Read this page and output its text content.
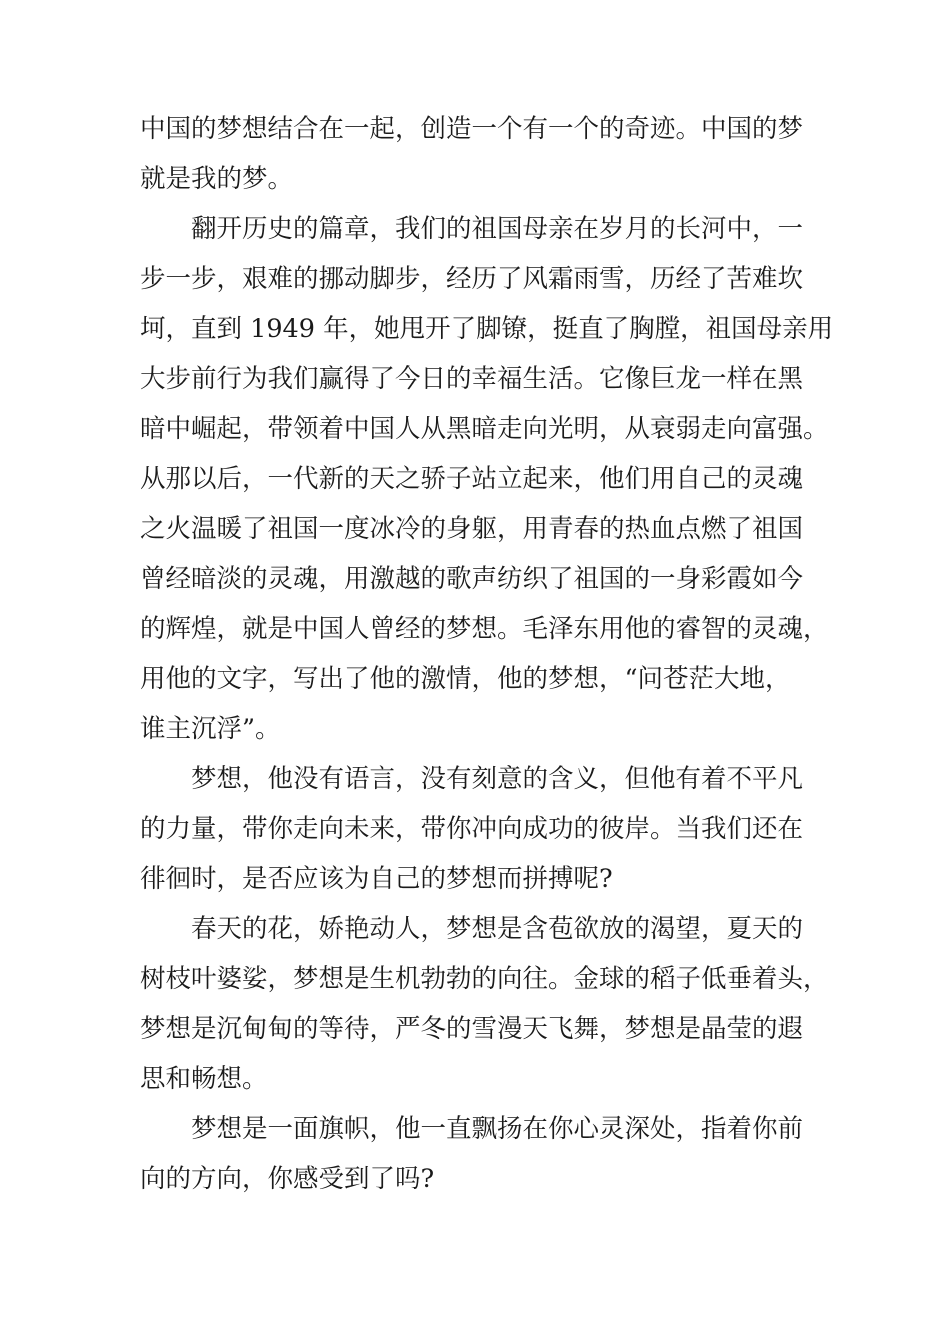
中国的梦想结合在一起，创造一个有一个的奇迹。中国的梦
就是我的梦。
　　翻开历史的篇章，我们的祖国母亲在岁月的长河中，一
步一步，艰难的挪动脚步，经历了风霜雨雪，历经了苦难坎
坷，直到 1949 年，她甩开了脚镣，挺直了胸膛，祖国母亲用
大步前行为我们赢得了今日的幸福生活。它像巨龙一样在黑
暗中崛起，带领着中国人从黑暗走向光明，从衰弱走向富强。
从那以后，一代新的天之骄子站立起来，他们用自己的灵魂
之火温暖了祖国一度冰冷的身躯，用青春的热血点燃了祖国
曾经暗淡的灵魂，用激越的歌声纺织了祖国的一身彩霞如今
的辉煌，就是中国人曾经的梦想。毛泽东用他的睿智的灵魂，
用他的文字，写出了他的激情，他的梦想，“问苍茫大地，
谁主沉浮”。
　　梦想，他没有语言，没有刻意的含义，但他有着不平凡
的力量，带你走向未来，带你冲向成功的彼岸。当我们还在
徘徊时，是否应该为自己的梦想而拼搏呢?
　　春天的花，娇艳动人，梦想是含苞欲放的渴望，夏天的
树枝叶婆娑，梦想是生机勃勃的向往。金球的稻子低垂着头，
梦想是沉甸甸的等待，严冬的雪漫天飞舞，梦想是晶莹的遐
思和畅想。
　　梦想是一面旗帜，他一直飘扬在你心灵深处，指着你前
向的方向，你感受到了吗?
